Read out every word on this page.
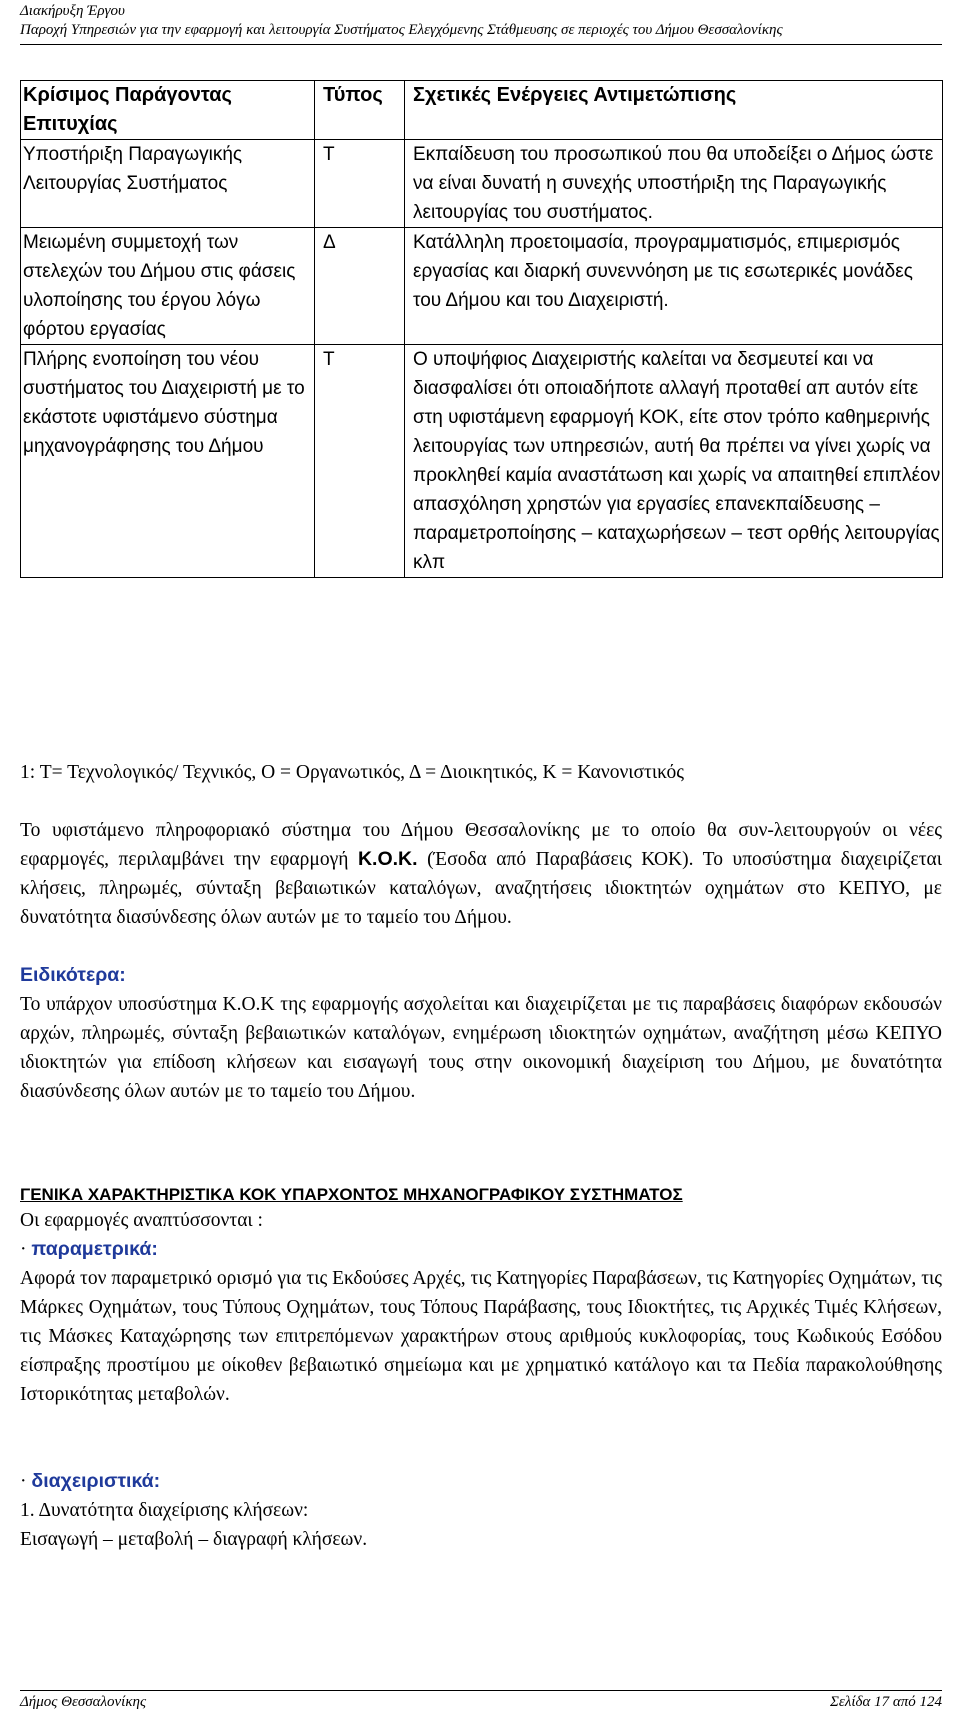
Διακήρυξη Έργου
Παροχή Υπηρεσιών για την εφαρμογή και λειτουργία Συστήματος Ελεγχόμενης Στάθμευσης σε περιοχές του Δήμου Θεσσαλονίκης
Κρίσιμος Παράγοντας Επιτυχίας	Τύπος	Σχετικές Ενέργειες Αντιμετώπισης
Υποστήριξη Παραγωγικής Λειτουργίας Συστήματος	Τ	Εκπαίδευση του προσωπικού που θα υποδείξει ο Δήμος ώστε να είναι δυνατή η συνεχής υποστήριξη της Παραγωγικής λειτουργίας του συστήματος.
Μειωμένη συμμετοχή των στελεχών του Δήμου στις φάσεις υλοποίησης του έργου λόγω φόρτου εργασίας	Δ	Κατάλληλη προετοιμασία, προγραμματισμός, επιμερισμός εργασίας και διαρκή συνεννόηση με τις εσωτερικές μονάδες του Δήμου και του Διαχειριστή.
Πλήρης ενοποίηση του νέου συστήματος του Διαχειριστή με το εκάστοτε υφιστάμενο σύστημα μηχανογράφησης του Δήμου	Τ	Ο υποψήφιος Διαχειριστής καλείται να δεσμευτεί και να διασφαλίσει ότι οποιαδήποτε αλλαγή προταθεί απ αυτόν είτε στη υφιστάμενη εφαρμογή ΚΟΚ, είτε στον τρόπο καθημερινής λειτουργίας των υπηρεσιών, αυτή θα πρέπει να γίνει χωρίς να προκληθεί καμία αναστάτωση και χωρίς να απαιτηθεί επιπλέον απασχόληση χρηστών για εργασίες επανεκπαίδευσης – παραμετροποίησης – καταχωρήσεων – τεστ ορθής λειτουργίας κλπ
1: Τ= Τεχνολογικός/ Τεχνικός, Ο = Οργανωτικός, Δ = Διοικητικός, Κ = Κανονιστικός
Το υφιστάμενο πληροφοριακό σύστημα του Δήμου Θεσσαλονίκης με το οποίο θα συν-λειτουργούν οι νέες εφαρμογές, περιλαμβάνει την εφαρμογή Κ.Ο.Κ. (Έσοδα από Παραβάσεις ΚΟΚ). Το υποσύστημα διαχειρίζεται κλήσεις, πληρωμές, σύνταξη βεβαιωτικών καταλόγων, αναζητήσεις ιδιοκτητών οχημάτων στο ΚΕΠΥΟ, με δυνατότητα διασύνδεσης όλων αυτών με το ταμείο του Δήμου.
Ειδικότερα:
Το υπάρχον υποσύστημα Κ.Ο.Κ της εφαρμογής ασχολείται και διαχειρίζεται με τις παραβάσεις διαφόρων εκδουσών αρχών, πληρωμές, σύνταξη βεβαιωτικών καταλόγων, ενημέρωση ιδιοκτητών οχημάτων, αναζήτηση μέσω ΚΕΠΥΟ ιδιοκτητών για επίδοση κλήσεων και εισαγωγή τους στην οικονομική διαχείριση του Δήμου, με δυνατότητα διασύνδεσης όλων αυτών με το ταμείο του Δήμου.
ΓΕΝΙΚΑ ΧΑΡΑΚΤΗΡΙΣΤΙΚΑ ΚΟΚ ΥΠΑΡΧΟΝΤΟΣ ΜΗΧΑΝΟΓΡΑΦΙΚΟΥ ΣΥΣΤΗΜΑΤΟΣ
Οι εφαρμογές αναπτύσσονται :
· παραμετρικά:
Αφορά τον παραμετρικό ορισμό για τις Εκδούσες Αρχές, τις Κατηγορίες Παραβάσεων, τις Κατηγορίες Οχημάτων, τις Μάρκες Οχημάτων, τους Τύπους Οχημάτων, τους Τόπους Παράβασης, τους Ιδιοκτήτες, τις Αρχικές Τιμές Κλήσεων, τις Μάσκες Καταχώρησης των επιτρεπόμενων χαρακτήρων στους αριθμούς κυκλοφορίας, τους Κωδικούς Εσόδου είσπραξης προστίμου με οίκοθεν βεβαιωτικό σημείωμα και με χρηματικό κατάλογο και τα Πεδία παρακολούθησης Ιστορικότητας μεταβολών.
· διαχειριστικά:
1. Δυνατότητα διαχείρισης κλήσεων:
Εισαγωγή – μεταβολή – διαγραφή κλήσεων.
Δήμος Θεσσαλονίκης	Σελίδα 17 από 124
